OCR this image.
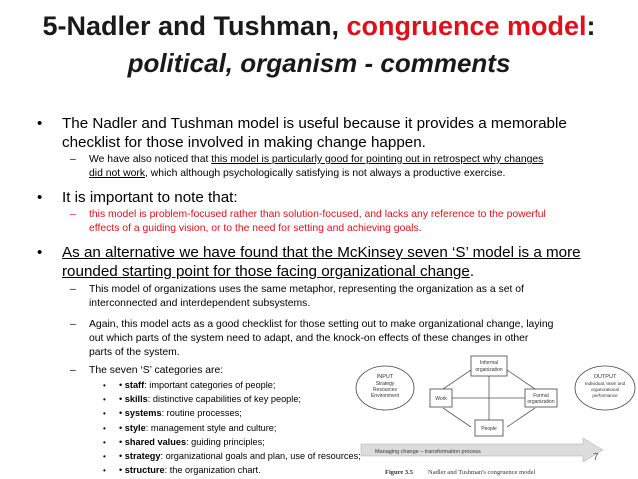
5-Nadler and Tushman, congruence model:
political, organism - comments
• The Nadler and Tushman model is useful because it provides a memorable
checklist for those involved in making change happen.
– We have also noticed that this model is particularly good for pointing out in retrospect why changes
did not work, which although psychologically satisfying is not always a productive exercise.
• It is important to note that:
– this model is problem-focused rather than solution-focused, and lacks any reference to the powerful
effects of a guiding vision, or to the need for setting and achieving goals.
• As an alternative we have found that the McKinsey seven ‘S’ model is a more
rounded starting point for those facing organizational change.
– This model of organizations uses the same metaphor, representing the organization as a set of
interconnected and interdependent subsystems.
– Again, this model acts as a good checklist for those setting out to make organizational change, laying
out which parts of the system need to adapt, and the knock-on effects of these changes in other
parts of the system.
– The seven ‘S’ categories are:
• • staff: important categories of people;
• • skills: distinctive capabilities of key people;
• • systems: routine processes;
• • style: management style and culture;
• • shared values: guiding principles;
• • strategy: organizational goals and plan, use of resources;
• • structure: the organization chart.
INPUT
Strategy
Resources
Environment
Informal
organization
Work	Formal
organization
People
OUTPUT
Individual, team and
organizational
performance
Managing change – transformation process
Figure 3.5 Nadler and Tushman's congruence model
7
